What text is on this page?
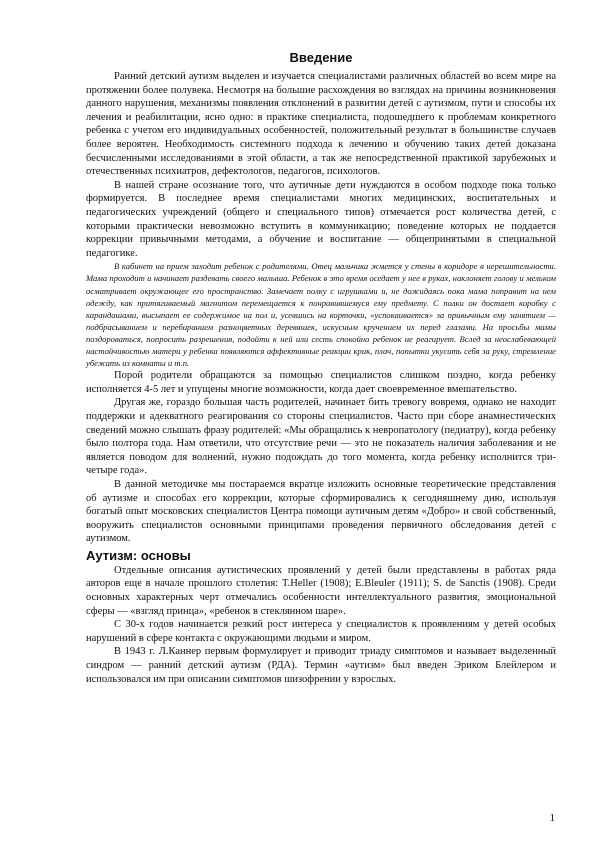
Введение

Ранний детский аутизм выделен и изучается специалистами различных областей во всем мире на протяжении более полувека. Несмотря на большие расхождения во взглядах на причины возникновения данного нарушения, механизмы появления отклонений в развитии детей с аутизмом, пути и способы их лечения и реабилитации, ясно одно: в практике специалиста, подошедшего к проблемам конкретного ребенка с учетом его индивидуальных особенностей, положительный результат в большинстве случаев более вероятен. Необходимость системного подхода к лечению и обучению таких детей доказана бесчисленными исследованиями в этой области, а так же непосредственной практикой зарубежных и отечественных психиатров, дефектологов, педагогов, психологов.

В нашей стране осознание того, что аутичные дети нуждаются в особом подходе пока только формируется. В последнее время специалистами многих медицинских, воспитательных и педагогических учреждений (общего и специального типов) отмечается рост количества детей, с которыми практически невозможно вступить в коммуникацию; поведение которых не поддается коррекции привычными методами, а обучение и воспитание — общепринятыми в специальной педагогике.

В кабинет на прием заходит ребенок с родителями. Отец мальчика жмется у стены в коридоре в нерешительности. Мама проходит и начинает раздевать своего малыша. Ребенок в это время оседает у нее в руках, наклоняет голову и мельком осматривает окружающее его пространство. Замечает полку с игрушками и, не дожидаясь пока мама поправит на нем одежду, как притягиваемый магнитом перемещается к понравившемуся ему предмету. С полки он достает коробку с карандашами, высыпает ее содержимое на пол и, усевшись на корточки, «успокаивается» за привычным ему занятием — подбрасыванием и перебиранием разноцветных деревяшек, искусным кручением их перед глазами. На просьбы мамы поздороваться, попросить разрешения, подойти к ней или сесть спокойно ребенок не реагирует. Вслед за неослабевающей настойчивостью матери у ребенка появляются аффективные реакции крик, плач, попытки укусить себя за руку, стремление убежать из комнаты и т.п.

Порой родители обращаются за помощью специалистов слишком поздно, когда ребенку исполняется 4-5 лет и упущены многие возможности, когда дает своевременное вмешательство.

Другая же, гораздо большая часть родителей, начинает бить тревогу вовремя, однако не находит поддержки и адекватного реагирования со стороны специалистов. Часто при сборе анамнестических сведений можно слышать фразу родителей: «Мы обращались к невропатологу (педиатру), когда ребенку было полтора года. Нам ответили, что отсутствие речи — это не показатель наличия заболевания и не является поводом для волнений, нужно подождать до того момента, когда ребенку исполнится три-четыре года».

В данной методичке мы постараемся вкратце изложить основные теоретические представления об аутизме и способах его коррекции, которые сформировались к сегодняшнему дню, используя богатый опыт московских специалистов Центра помощи аутичным детям «Добро» и свой собственный, вооружить специалистов основными принципами проведения первичного обследования детей с аутизмом.

Аутизм: основы

Отдельные описания аутистических проявлений у детей были представлены в работах ряда авторов еще в начале прошлого столетия: T.Heller (1908); E.Bleuler (1911); S. de Sanctis (1908). Среди основных характерных черт отмечались особенности интеллектуального развития, эмоциональной сферы — «взгляд принца», «ребенок в стеклянном шаре».

С 30-х годов начинается резкий рост интереса у специалистов к проявлениям у детей особых нарушений в сфере контакта с окружающими людьми и миром.

В 1943 г. Л.Каннер первым формулирует и приводит триаду симптомов и называет выделенный синдром — ранний детский аутизм (РДА). Термин «аутизм» был введен Эриком Блейлером и использовался им при описании симптомов шизофрении у взрослых.

1
